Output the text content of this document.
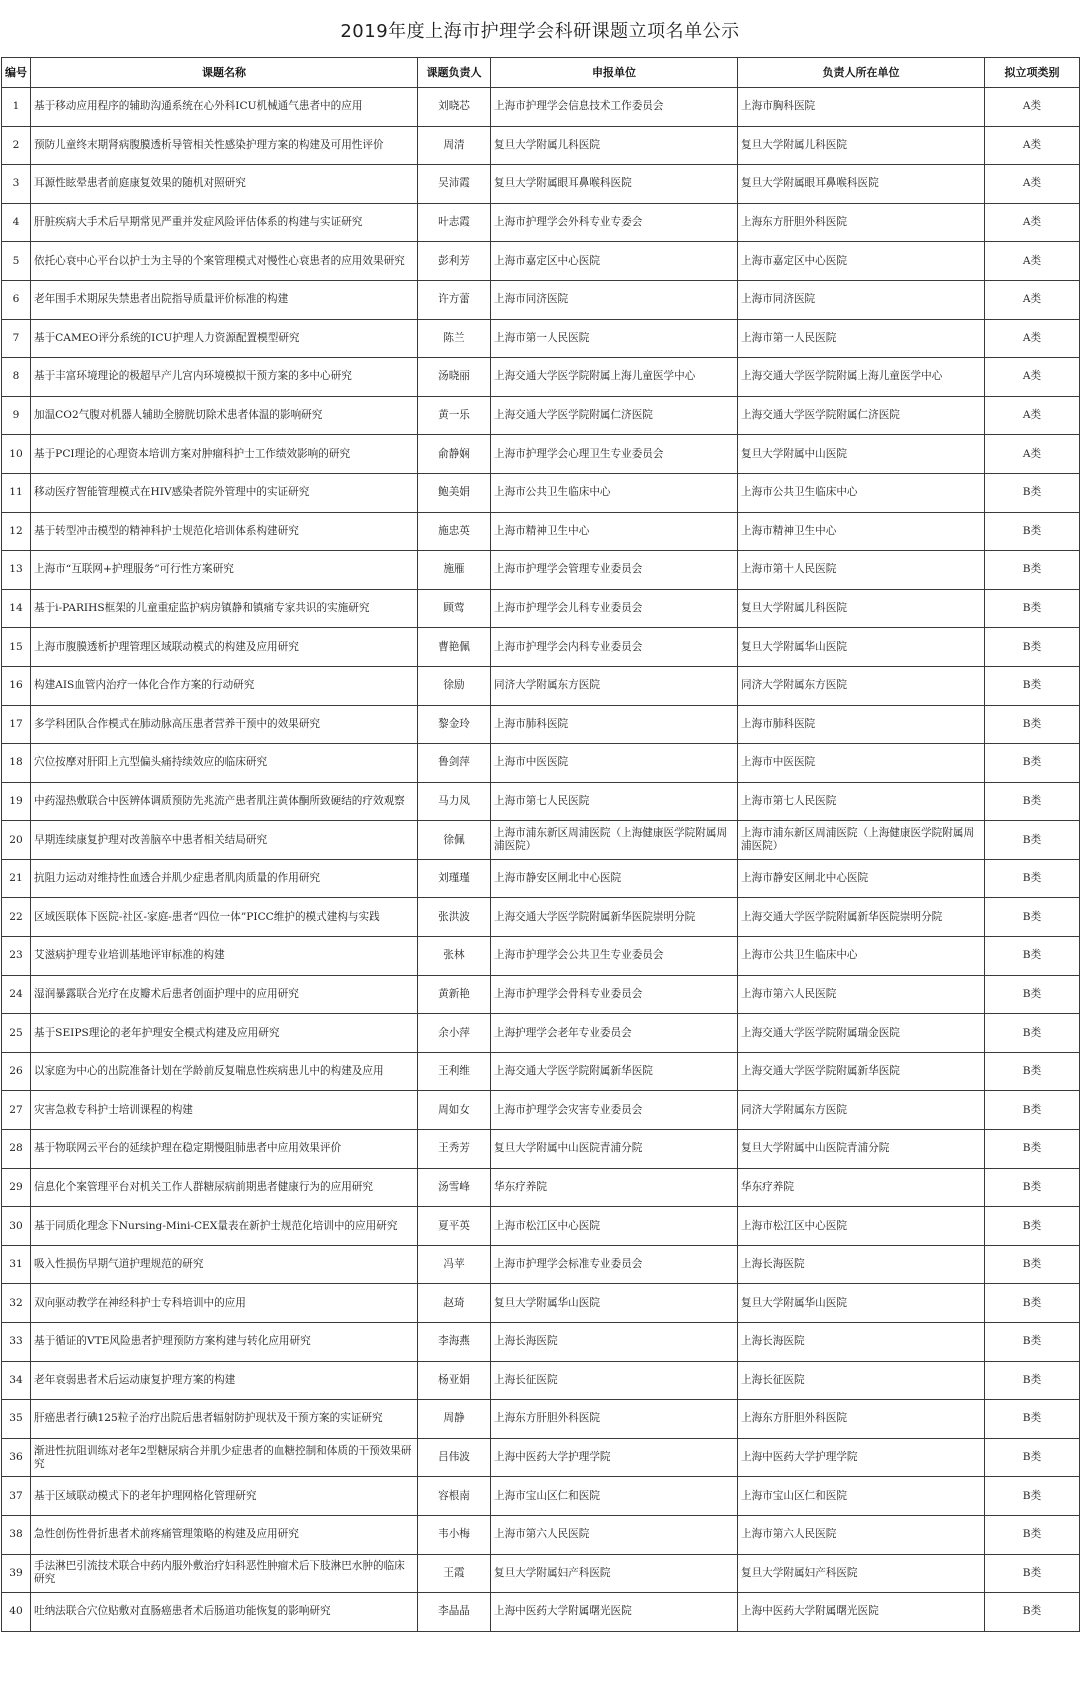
2019年度上海市护理学会科研课题立项名单公示
编号	课题名称	课题负责人	申报单位	负责人所在单位	拟立项类别
1	基于移动应用程序的辅助沟通系统在心外科ICU机械通气患者中的应用	刘晓芯	上海市护理学会信息技术工作委员会	上海市胸科医院	A类
2	预防儿童终末期肾病腹膜透析导管相关性感染护理方案的构建及可用性评价	周清	复旦大学附属儿科医院	复旦大学附属儿科医院	A类
3	耳源性眩晕患者前庭康复效果的随机对照研究	吴沛霞	复旦大学附属眼耳鼻喉科医院	复旦大学附属眼耳鼻喉科医院	A类
4	肝脏疾病大手术后早期常见严重并发症风险评估体系的构建与实证研究	叶志霞	上海市护理学会外科专业专委会	上海东方肝胆外科医院	A类
5	依托心衰中心平台以护士为主导的个案管理模式对慢性心衰患者的应用效果研究	彭利芳	上海市嘉定区中心医院	上海市嘉定区中心医院	A类
6	老年围手术期尿失禁患者出院指导质量评价标准的构建	许方蕾	上海市同济医院	上海市同济医院	A类
7	基于CAMEO评分系统的ICU护理人力资源配置模型研究	陈兰	上海市第一人民医院	上海市第一人民医院	A类
8	基于丰富环境理论的极超早产儿宫内环境模拟干预方案的多中心研究	汤晓丽	上海交通大学医学院附属上海儿童医学中心	上海交通大学医学院附属上海儿童医学中心	A类
9	加温CO2气腹对机器人辅助全膀胱切除术患者体温的影响研究	黄一乐	上海交通大学医学院附属仁济医院	上海交通大学医学院附属仁济医院	A类
10	基于PCI理论的心理资本培训方案对肿瘤科护士工作绩效影响的研究	俞静娴	上海市护理学会心理卫生专业委员会	复旦大学附属中山医院	A类
11	移动医疗智能管理模式在HIV感染者院外管理中的实证研究	鲍美娟	上海市公共卫生临床中心	上海市公共卫生临床中心	B类
12	基于转型冲击模型的精神科护士规范化培训体系构建研究	施忠英	上海市精神卫生中心	上海市精神卫生中心	B类
13	上海市“互联网+护理服务”可行性方案研究	施雁	上海市护理学会管理专业委员会	上海市第十人民医院	B类
14	基于i-PARIHS框架的儿童重症监护病房镇静和镇痛专家共识的实施研究	顾莺	上海市护理学会儿科专业委员会	复旦大学附属儿科医院	B类
15	上海市腹膜透析护理管理区域联动模式的构建及应用研究	曹艳佩	上海市护理学会内科专业委员会	复旦大学附属华山医院	B类
16	构建AIS血管内治疗一体化合作方案的行动研究	徐励	同济大学附属东方医院	同济大学附属东方医院	B类
17	多学科团队合作模式在肺动脉高压患者营养干预中的效果研究	黎金玲	上海市肺科医院	上海市肺科医院	B类
18	穴位按摩对肝阳上亢型偏头痛持续效应的临床研究	鲁剑萍	上海市中医医院	上海市中医医院	B类
19	中药湿热敷联合中医辨体调质预防先兆流产患者肌注黄体酮所致硬结的疗效观察	马力凤	上海市第七人民医院	上海市第七人民医院	B类
20	早期连续康复护理对改善脑卒中患者相关结局研究	徐佩	上海市浦东新区周浦医院（上海健康医学院附属周浦医院）	上海市浦东新区周浦医院（上海健康医学院附属周浦医院）	B类
21	抗阻力运动对维持性血透合并肌少症患者肌肉质量的作用研究	刘瑾瑾	上海市静安区闸北中心医院	上海市静安区闸北中心医院	B类
22	区域医联体下医院-社区-家庭-患者“四位一体”PICC维护的模式建构与实践	张洪波	上海交通大学医学院附属新华医院崇明分院	上海交通大学医学院附属新华医院崇明分院	B类
23	艾滋病护理专业培训基地评审标准的构建	张林	上海市护理学会公共卫生专业委员会	上海市公共卫生临床中心	B类
24	湿润暴露联合光疗在皮瓣术后患者创面护理中的应用研究	黄新艳	上海市护理学会骨科专业委员会	上海市第六人民医院	B类
25	基于SEIPS理论的老年护理安全模式构建及应用研究	余小萍	上海护理学会老年专业委员会	上海交通大学医学院附属瑞金医院	B类
26	以家庭为中心的出院准备计划在学龄前反复喘息性疾病患儿中的构建及应用	王利维	上海交通大学医学院附属新华医院	上海交通大学医学院附属新华医院	B类
27	灾害急救专科护士培训课程的构建	周如女	上海市护理学会灾害专业委员会	同济大学附属东方医院	B类
28	基于物联网云平台的延续护理在稳定期慢阻肺患者中应用效果评价	王秀芳	复旦大学附属中山医院青浦分院	复旦大学附属中山医院青浦分院	B类
29	信息化个案管理平台对机关工作人群糖尿病前期患者健康行为的应用研究	汤雪峰	华东疗养院	华东疗养院	B类
30	基于同质化理念下Nursing-Mini-CEX量表在新护士规范化培训中的应用研究	夏平英	上海市松江区中心医院	上海市松江区中心医院	B类
31	吸入性损伤早期气道护理规范的研究	冯苹	上海市护理学会标准专业委员会	上海长海医院	B类
32	双向驱动教学在神经科护士专科培训中的应用	赵琦	复旦大学附属华山医院	复旦大学附属华山医院	B类
33	基于循证的VTE风险患者护理预防方案构建与转化应用研究	李海燕	上海长海医院	上海长海医院	B类
34	老年衰弱患者术后运动康复护理方案的构建	杨亚娟	上海长征医院	上海长征医院	B类
35	肝癌患者行碘125粒子治疗出院后患者辐射防护现状及干预方案的实证研究	周静	上海东方肝胆外科医院	上海东方肝胆外科医院	B类
36	渐进性抗阻训练对老年2型糖尿病合并肌少症患者的血糖控制和体质的干预效果研究	吕伟波	上海中医药大学护理学院	上海中医药大学护理学院	B类
37	基于区域联动模式下的老年护理网格化管理研究	容根南	上海市宝山区仁和医院	上海市宝山区仁和医院	B类
38	急性创伤性骨折患者术前疼痛管理策略的构建及应用研究	韦小梅	上海市第六人民医院	上海市第六人民医院	B类
39	手法淋巴引流技术联合中药内服外敷治疗妇科恶性肿瘤术后下肢淋巴水肿的临床研究	王霞	复旦大学附属妇产科医院	复旦大学附属妇产科医院	B类
40	吐纳法联合穴位贴敷对直肠癌患者术后肠道功能恢复的影响研究	李晶晶	上海中医药大学附属曙光医院	上海中医药大学附属曙光医院	B类
